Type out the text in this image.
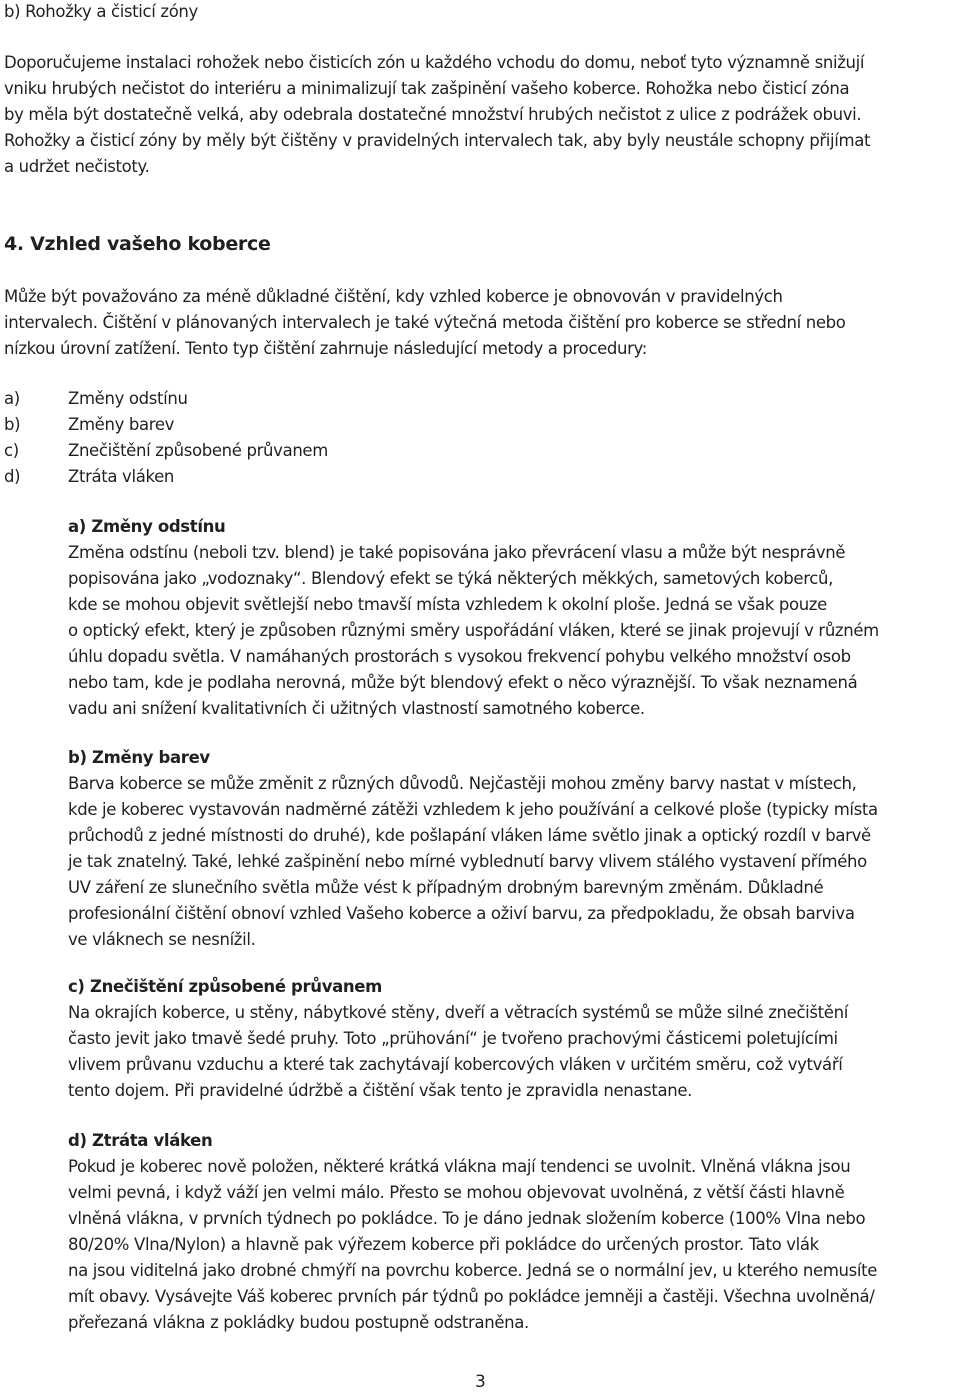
b) Rohožky a čisticí zóny

Doporučujeme instalaci rohožek nebo čisticích zón u každého vchodu do domu, neboť tyto významně snižují
vniku hrubých nečistot do interiéru a minimalizují tak zašpinění vašeho koberce. Rohožka nebo čisticí zóna
by měla být dostatečně velká, aby odebrala dostatečné množství hrubých nečistot z ulice z podrážek obuvi.
Rohožky a čisticí zóny by měly být čištěny v pravidelných intervalech tak, aby byly neustále schopny přijímat
a udržet nečistoty.
4. Vzhled vašeho koberce
Může být považováno za méně důkladné čištění, kdy vzhled koberce je obnovován v pravidelných
intervalech. Čištění v plánovaných intervalech je také výtečná metoda čištění pro koberce se střední nebo
nízkou úrovní zatížení. Tento typ čištění zahrnuje následující metody a procedury:
a)	Změny odstínu
b)	Změny barev
c)	Znečištění způsobené průvanem
d)	Ztráta vláken
a) Změny odstínu
Změna odstínu (neboli tzv. blend) je také popisována jako převrácení vlasu a může být nesprávně
popisována jako „vodoznaky“. Blendový efekt se týká některých měkkých, sametových koberců,
kde se mohou objevit světlejší nebo tmavší místa vzhledem k okolní ploše. Jedná se však pouze
o optický efekt, který je způsoben různými směry uspořádání vláken, které se jinak projevují v různém
úhlu dopadu světla. V namáhaných prostorách s vysokou frekvencí pohybu velkého množství osob
nebo tam, kde je podlaha nerovná, může být blendový efekt o něco výraznější. To však neznamená
vadu ani snížení kvalitativních či užitných vlastností samotného koberce.
b) Změny barev
Barva koberce se může změnit z různých důvodů. Nejčastěji mohou změny barvy nastat v místech,
kde je koberec vystavován nadměrné zátěži vzhledem k jeho používání a celkové ploše (typicky místa
průchodů z jedné místnosti do druhé), kde pošlapání vláken láme světlo jinak a optický rozdíl v barvě
je tak znatelný. Také, lehké zašpinění nebo mírné vyblednutí barvy vlivem stálého vystavení přímého
UV záření ze slunečního světla může vést k případným drobným barevným změnám. Důkladné
profesionální čištění obnoví vzhled Vašeho koberce a oživí barvu, za předpokladu, že obsah barviva
ve vláknech se nesnížil.
c) Znečištění způsobené průvanem
Na okrajích koberce, u stěny, nábytkové stěny, dveří a větracích systémů se může silné znečištění
často jevit jako tmavě šedé pruhy. Toto „prühování“ je tvořeno prachovými částicemi poletujícími
vlivem průvanu vzduchu a které tak zachytávají kobercových vláken v určitém směru, což vytváří
tento dojem. Při pravidelné údržbě a čištění však tento je zpravidla nenastane.
d) Ztráta vláken
Pokud je koberec nově položen, některé krátká vlákna mají tendenci se uvolnit. Vlněná vlákna jsou
velmi pevná, i když váží jen velmi málo. Přesto se mohou objevovat uvolněná, z větší části hlavně
vlněná vlákna, v prvních týdnech po pokládce. To je dáno jednak složením koberce (100% Vlna nebo
80/20% Vlna/Nylon) a hlavně pak výřezem koberce při pokládce do určených prostor. Tato vlák
na jsou viditelná jako drobné chmýří na povrchu koberce. Jedná se o normální jev, u kterého nemusíte
mít obavy. Vysávejte Váš koberec prvních pár týdnů po pokládce jemněji a častěji. Všechna uvolněná/
přeřezaná vlákna z pokládky budou postupně odstraněna.
3
